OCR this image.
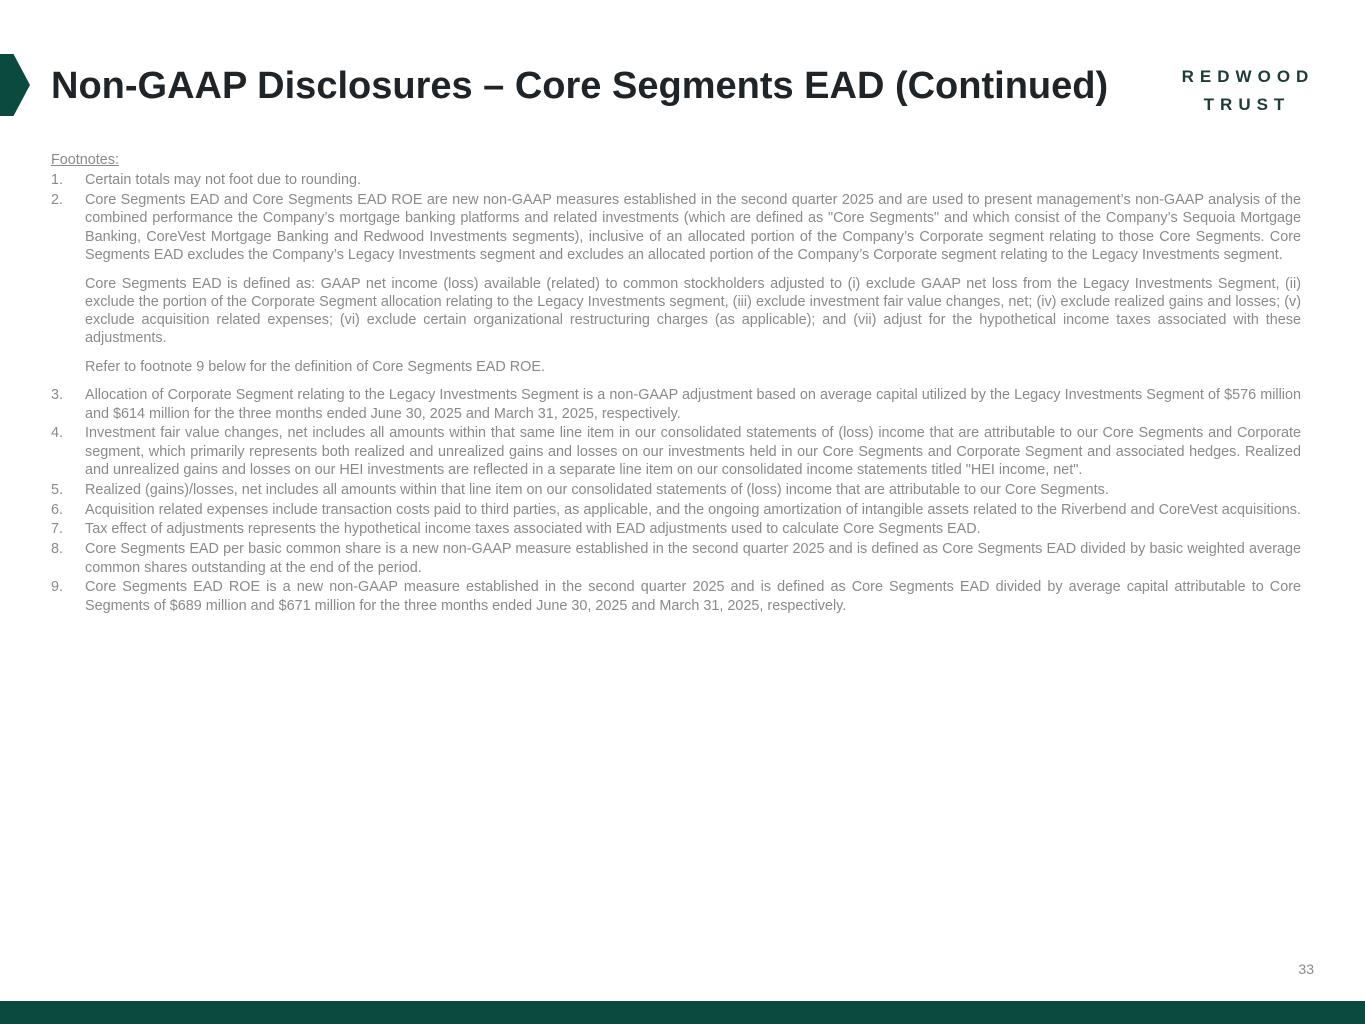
Non-GAAP Disclosures – Core Segments EAD (Continued)	REDWOOD
TRUST
Footnotes:
1.	Certain totals may not foot due to rounding.

2.	Core Segments EAD and Core Segments EAD ROE are new non-GAAP measures established in the second quarter 2025 and are used to present management’s non-GAAP analysis of the combined performance the Company’s mortgage banking platforms and related investments (which are defined as "Core Segments" and which consist of the Company’s Sequoia Mortgage Banking, CoreVest Mortgage Banking and Redwood Investments segments), inclusive of an allocated portion of the Company’s Corporate segment relating to those Core Segments. Core Segments EAD excludes the Company’s Legacy Investments segment and excludes an allocated portion of the Company’s Corporate segment relating to the Legacy Investments segment.

Core Segments EAD is defined as: GAAP net income (loss) available (related) to common stockholders adjusted to (i) exclude GAAP net loss from the Legacy Investments Segment, (ii) exclude the portion of the Corporate Segment allocation relating to the Legacy Investments segment, (iii) exclude investment fair value changes, net; (iv) exclude realized gains and losses; (v) exclude acquisition related expenses; (vi) exclude certain organizational restructuring charges (as applicable); and (vii) adjust for the hypothetical income taxes associated with these adjustments.

Refer to footnote 9 below for the definition of Core Segments EAD ROE.

3.	Allocation of Corporate Segment relating to the Legacy Investments Segment is a non-GAAP adjustment based on average capital utilized by the Legacy Investments Segment of $576 million and $614 million for the three months ended June 30, 2025 and March 31, 2025, respectively.

4.	Investment fair value changes, net includes all amounts within that same line item in our consolidated statements of (loss) income that are attributable to our Core Segments and Corporate segment, which primarily represents both realized and unrealized gains and losses on our investments held in our Core Segments and Corporate Segment and associated hedges. Realized and unrealized gains and losses on our HEI investments are reflected in a separate line item on our consolidated income statements titled "HEI income, net".

5.	Realized (gains)/losses, net includes all amounts within that line item on our consolidated statements of (loss) income that are attributable to our Core Segments.

6.	Acquisition related expenses include transaction costs paid to third parties, as applicable, and the ongoing amortization of intangible assets related to the Riverbend and CoreVest acquisitions.

7.	Tax effect of adjustments represents the hypothetical income taxes associated with EAD adjustments used to calculate Core Segments EAD.

8.	Core Segments EAD per basic common share is a new non-GAAP measure established in the second quarter 2025 and is defined as Core Segments EAD divided by basic weighted average common shares outstanding at the end of the period.

9.	Core Segments EAD ROE is a new non-GAAP measure established in the second quarter 2025 and is defined as Core Segments EAD divided by average capital attributable to Core Segments of $689 million and $671 million for the three months ended June 30, 2025 and March 31, 2025, respectively.

33
